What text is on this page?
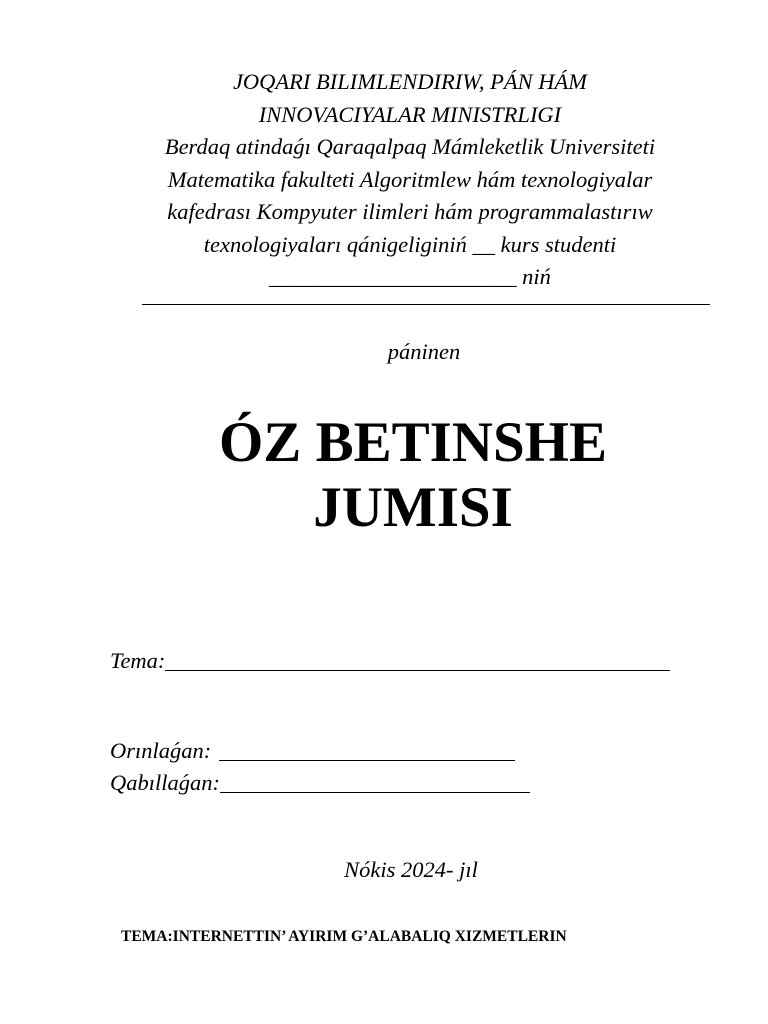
JOQARI BILIMLENDIRIW, PÁN HÁM
INNOVACIYALAR MINISTRLIGI
Berdaq atindaǵı Qaraqalpaq Mámleketlik Universiteti
Matematika fakulteti Algoritmlew hám texnologiyalar
kafedrası Kompyuter ilimleri hám programmalastırıw
texnologiyaları qánigeliginiń __ kurs studenti
______________________ niń
páninen
ÓZ BETINSHE
JUMISI
Tema:
Orınlaǵan:
Qabıllaǵan:
Nókis 2024- jıl
TEMA:INTERNETTIN’ AYIRIM G’ALABALIQ XIZMETLERIN
